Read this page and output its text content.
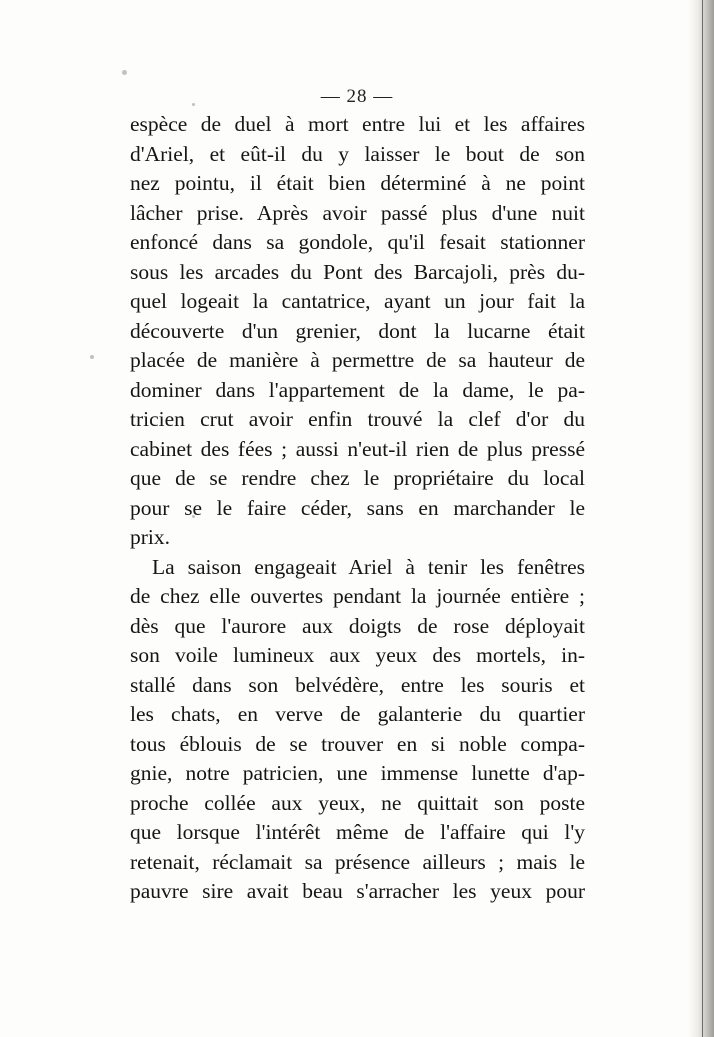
— 28 —
espèce de duel à mort entre lui et les affaires
d'Ariel, et eût-il du y laisser le bout de son
nez pointu, il était bien déterminé à ne point
lâcher prise. Après avoir passé plus d'une nuit
enfoncé dans sa gondole, qu'il fesait stationner
sous les arcades du Pont des Barcajoli, près du-
quel logeait la cantatrice, ayant un jour fait la
découverte d'un grenier, dont la lucarne était
placée de manière à permettre de sa hauteur de
dominer dans l'appartement de la dame, le pa-
tricien crut avoir enfin trouvé la clef d'or du
cabinet des fées ; aussi n'eut-il rien de plus pressé
que de se rendre chez le propriétaire du local
pour se le faire céder, sans en marchander le
prix.
La saison engageait Ariel à tenir les fenêtres
de chez elle ouvertes pendant la journée entière ;
dès que l'aurore aux doigts de rose déployait
son voile lumineux aux yeux des mortels, in-
stallé dans son belvédère, entre les souris et
les chats, en verve de galanterie du quartier
tous éblouis de se trouver en si noble compa-
gnie, notre patricien, une immense lunette d'ap-
proche collée aux yeux, ne quittait son poste
que lorsque l'intérêt même de l'affaire qui l'y
retenait, réclamait sa présence ailleurs ; mais le
pauvre sire avait beau s'arracher les yeux pour
